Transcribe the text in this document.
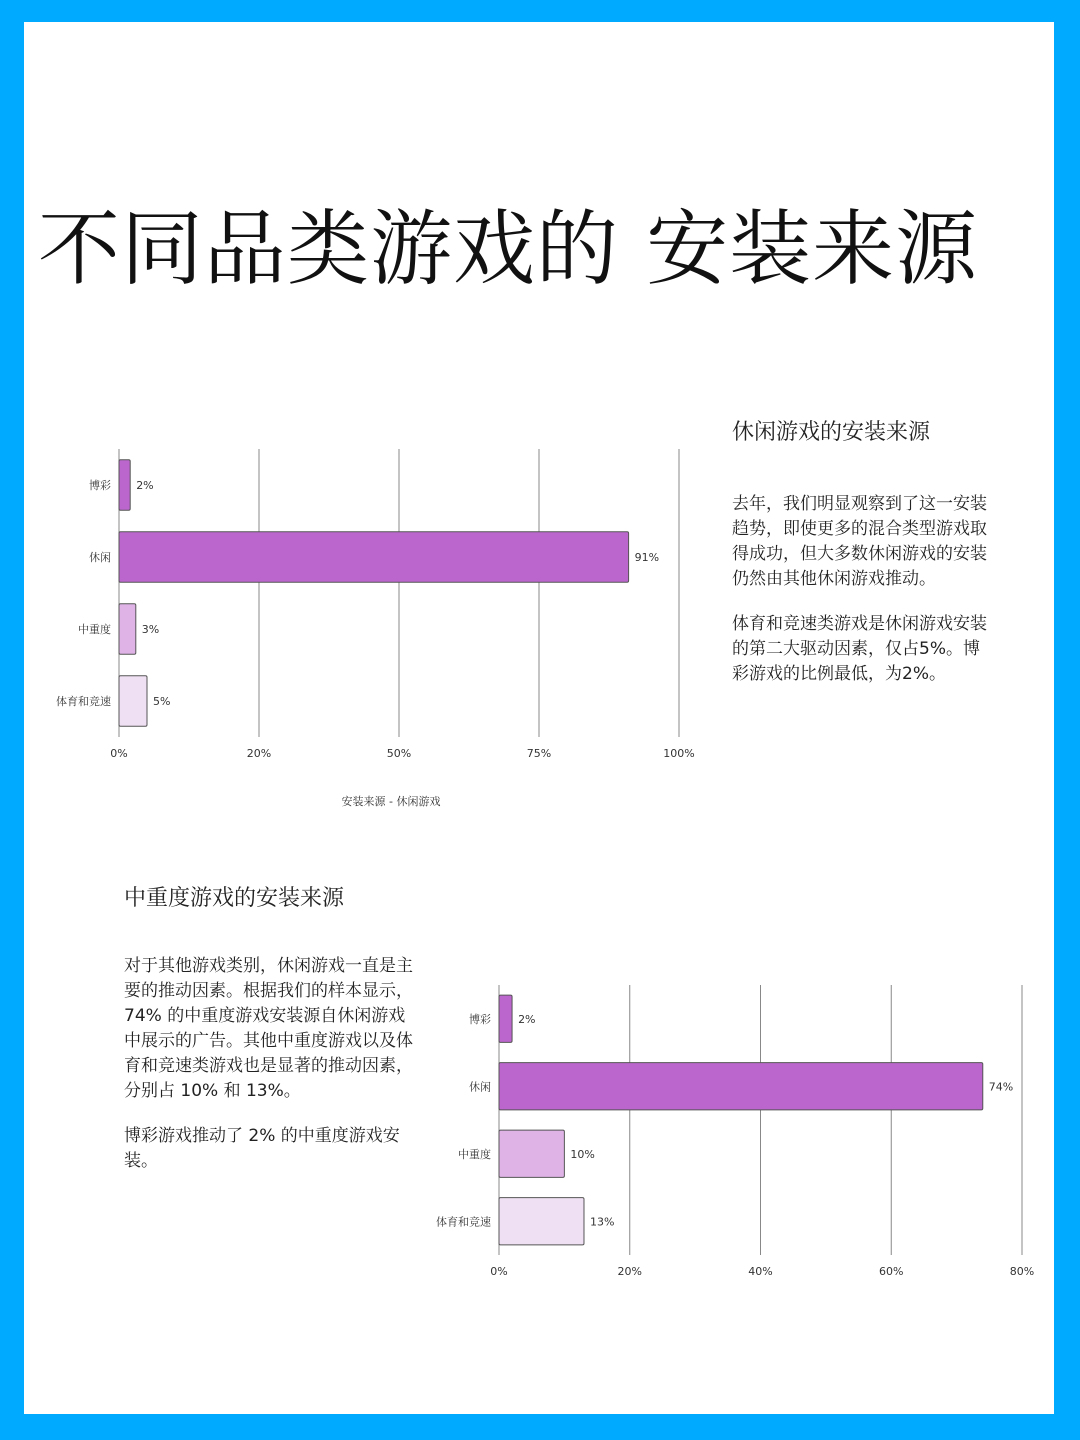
不同品类游戏的 安装来源
0%	20%	50%	75%	100%
博彩 2%
休闲	91%
中重度	3%
体育和竞速	5%
安装来源 - 休闲游戏
休闲游戏的安装来源

去年，我们明显观察到了这一安装趋势，即使更多的混合类型游戏取得成功，但大多数休闲游戏的安装仍然由其他休闲游戏推动。

体育和竞速类游戏是休闲游戏安装的第二大驱动因素，仅占5%。博彩游戏的比例最低，为2%。

中重度游戏的安装来源

对于其他游戏类别，休闲游戏一直是主要的推动因素。根据我们的样本显示，74% 的中重度游戏安装源自休闲游戏中展示的广告。其他中重度游戏以及体育和竞速类游戏也是显著的推动因素，分别占 10% 和 13%。

博彩游戏推动了 2% 的中重度游戏安装。

0%	20%	40%	60%	80%
博彩 2%
休闲	74%
中重度	10%
体育和竞速	13%
